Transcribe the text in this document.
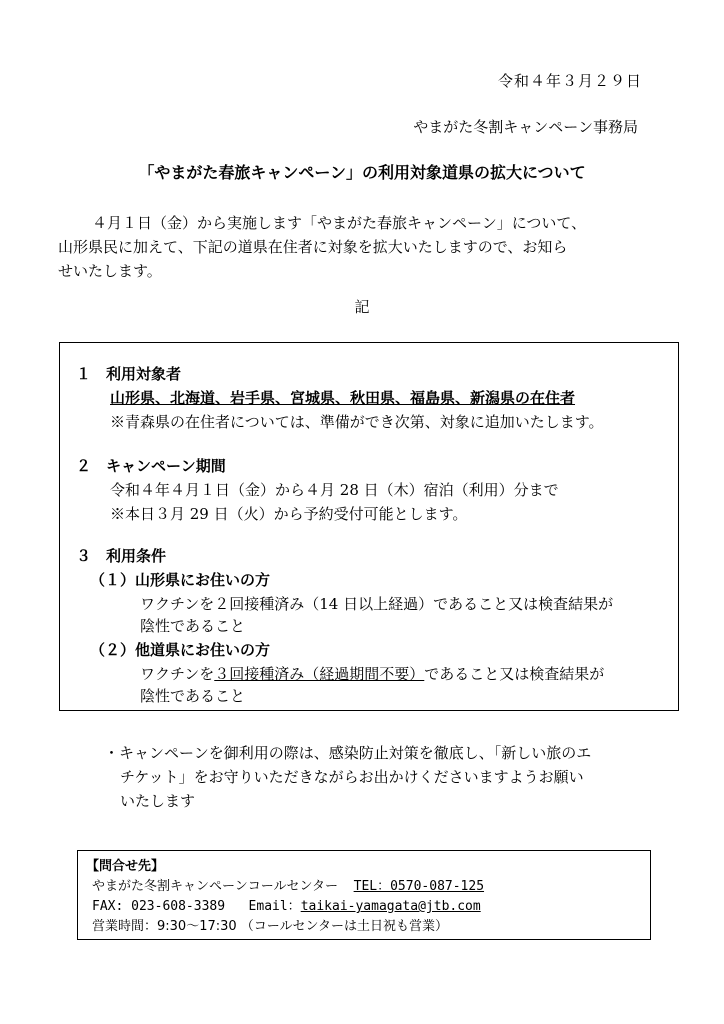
令和４年３月２９日
やまがた冬割キャンペーン事務局
「やまがた春旅キャンペーン」の利用対象道県の拡大について
４月１日（金）から実施します「やまがた春旅キャンペーン」について、
山形県民に加えて、下記の道県在住者に対象を拡大いたしますので、お知ら
せいたします。
記
１　利用対象者
山形県、北海道、岩手県、宮城県、秋田県、福島県、新潟県の在住者
※青森県の在住者については、準備ができ次第、対象に追加いたします。
２　キャンペーン期間
令和４年４月１日（金）から４月 28 日（木）宿泊（利用）分まで
※本日３月 29 日（火）から予約受付可能とします。
３　利用条件
（１）山形県にお住いの方
ワクチンを２回接種済み（14 日以上経過）であること又は検査結果が
陰性であること
（２）他道県にお住いの方
ワクチンを３回接種済み（経過期間不要）であること又は検査結果が
陰性であること
・キャンペーンを御利用の際は、感染防止対策を徹底し、「新しい旅のエ
チケット」をお守りいただきながらお出かけくださいますようお願い
いたします
【問合せ先】
やまがた冬割キャンペーンコールセンター TEL：0570-087-125
FAX: 023-608-3389 Email：taikai-yamagata@jtb.com
営業時間：9:30～17:30 （コールセンターは土日祝も営業）
